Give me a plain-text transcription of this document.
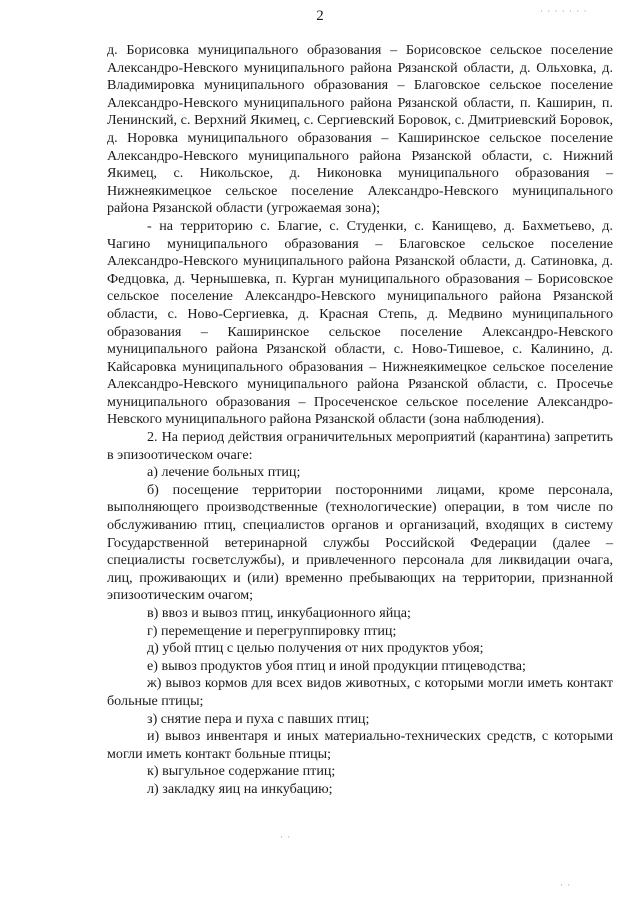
2	· · · · · · ·
· ·
· ·

д. Борисовка муниципального образования – Борисовское сельское поселение Александро-Невского муниципального района Рязанской области, д. Ольховка, д. Владимировка муниципального образования – Благовское сельское поселение Александро-Невского муниципального района Рязанской области, п. Каширин, п. Ленинский, с. Верхний Якимец, с. Сергиевский Боровок, с. Дмитриевский Боровок, д. Норовка муниципального образования – Каширинское сельское поселение Александро-Невского муниципального района Рязанской области, с. Нижний Якимец, с. Никольское, д. Никоновка муниципального образования – Нижнеякимецкое сельское поселение Александро-Невского муниципального района Рязанской области (угрожаемая зона);

- на территорию с. Благие, с. Студенки, с. Канищево, д. Бахметьево, д. Чагино муниципального образования – Благовское сельское поселение Александро-Невского муниципального района Рязанской области, д. Сатиновка, д. Федцовка, д. Чернышевка, п. Курган муниципального образования – Борисовское сельское поселение Александро-Невского муниципального района Рязанской области, с. Ново-Сергиевка, д. Красная Степь, д. Медвино муниципального образования – Каширинское сельское поселение Александро-Невского муниципального района Рязанской области, с. Ново-Тишевое, с. Калинино, д. Кайсаровка муниципального образования – Нижнеякимецкое сельское поселение Александро-Невского муниципального района Рязанской области, с. Просечье муниципального образования – Просеченское сельское поселение Александро-Невского муниципального района Рязанской области (зона наблюдения).

2. На период действия ограничительных мероприятий (карантина) запретить в эпизоотическом очаге:

а) лечение больных птиц;

б) посещение территории посторонними лицами, кроме персонала, выполняющего производственные (технологические) операции, в том числе по обслуживанию птиц, специалистов органов и организаций, входящих в систему Государственной ветеринарной службы Российской Федерации (далее – специалисты госветслужбы), и привлеченного персонала для ликвидации очага, лиц, проживающих и (или) временно пребывающих на территории, признанной эпизоотическим очагом;

в) ввоз и вывоз птиц, инкубационного яйца;

г) перемещение и перегруппировку птиц;

д) убой птиц с целью получения от них продуктов убоя;

е) вывоз продуктов убоя птиц и иной продукции птицеводства;

ж) вывоз кормов для всех видов животных, с которыми могли иметь контакт больные птицы;

з) снятие пера и пуха с павших птиц;

и) вывоз инвентаря и иных материально-технических средств, с которыми могли иметь контакт больные птицы;

к) выгульное содержание птиц;

л) закладку яиц на инкубацию;
